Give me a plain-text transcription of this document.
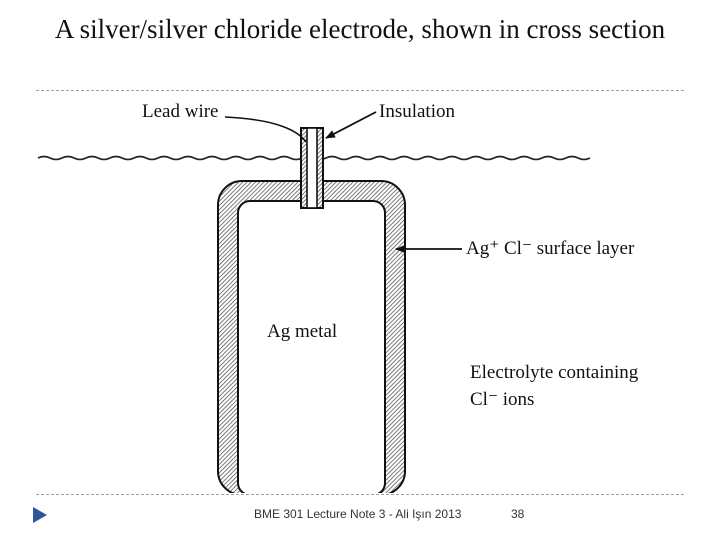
A silver/silver chloride electrode, shown in cross section
Lead wire	Insulation
Ag⁺ Cl⁻ surface layer
Ag metal
Electrolyte containing
Cl⁻ ions
BME 301 Lecture Note 3 - Ali Işın 2013	38
